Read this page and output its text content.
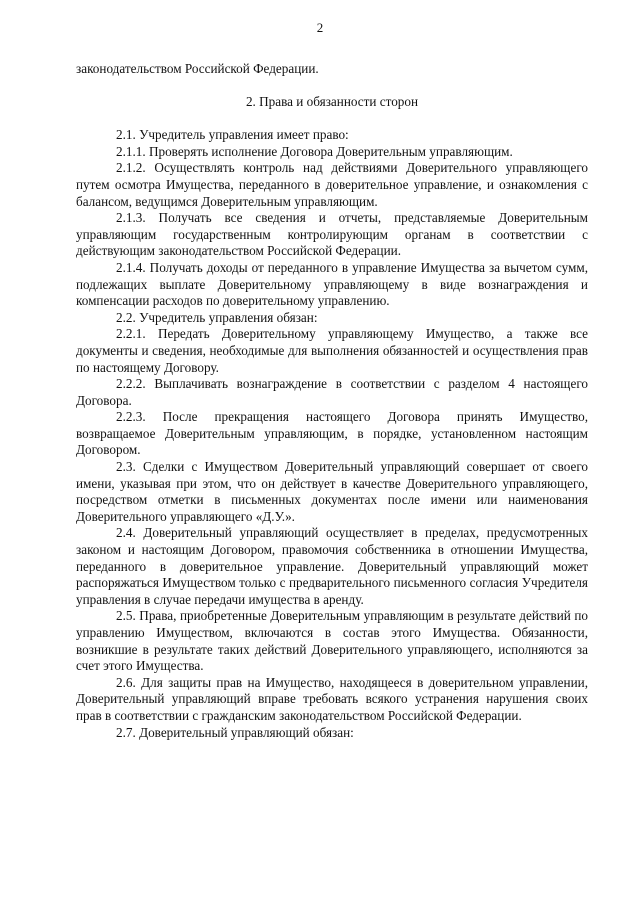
2

законодательством Российской Федерации.

2. Права и обязанности сторон

2.1. Учредитель управления имеет право:

2.1.1. Проверять исполнение Договора Доверительным управляющим.

2.1.2. Осуществлять контроль над действиями Доверительного управляющего путем осмотра Имущества, переданного в доверительное управление, и ознакомления с балансом, ведущимся Доверительным управляющим.

2.1.3. Получать все сведения и отчеты, представляемые Доверительным управляющим государственным контролирующим органам в соответствии с действующим законодательством Российской Федерации.

2.1.4. Получать доходы от переданного в управление Имущества за вычетом сумм, подлежащих выплате Доверительному управляющему в виде вознаграждения и компенсации расходов по доверительному управлению.

2.2. Учредитель управления обязан:

2.2.1. Передать Доверительному управляющему Имущество, а также все документы и сведения, необходимые для выполнения обязанностей и осуществления прав по настоящему Договору.

2.2.2. Выплачивать вознаграждение в соответствии с разделом 4 настоящего Договора.

2.2.3. После прекращения настоящего Договора принять Имущество, возвращаемое Доверительным управляющим, в порядке, установленном настоящим Договором.

2.3. Сделки с Имуществом Доверительный управляющий совершает от своего имени, указывая при этом, что он действует в качестве Доверительного управляющего, посредством отметки в письменных документах после имени или наименования Доверительного управляющего «Д.У.».

2.4. Доверительный управляющий осуществляет в пределах, предусмотренных законом и настоящим Договором, правомочия собственника в отношении Имущества, переданного в доверительное управление. Доверительный управляющий может распоряжаться Имуществом только с предварительного письменного согласия Учредителя управления в случае передачи имущества в аренду.

2.5. Права, приобретенные Доверительным управляющим в результате действий по управлению Имуществом, включаются в состав этого Имущества. Обязанности, возникшие в результате таких действий Доверительного управляющего, исполняются за счет этого Имущества.

2.6. Для защиты прав на Имущество, находящееся в доверительном управлении, Доверительный управляющий вправе требовать всякого устранения нарушения своих прав в соответствии с гражданским законодательством Российской Федерации.

2.7. Доверительный управляющий обязан:
